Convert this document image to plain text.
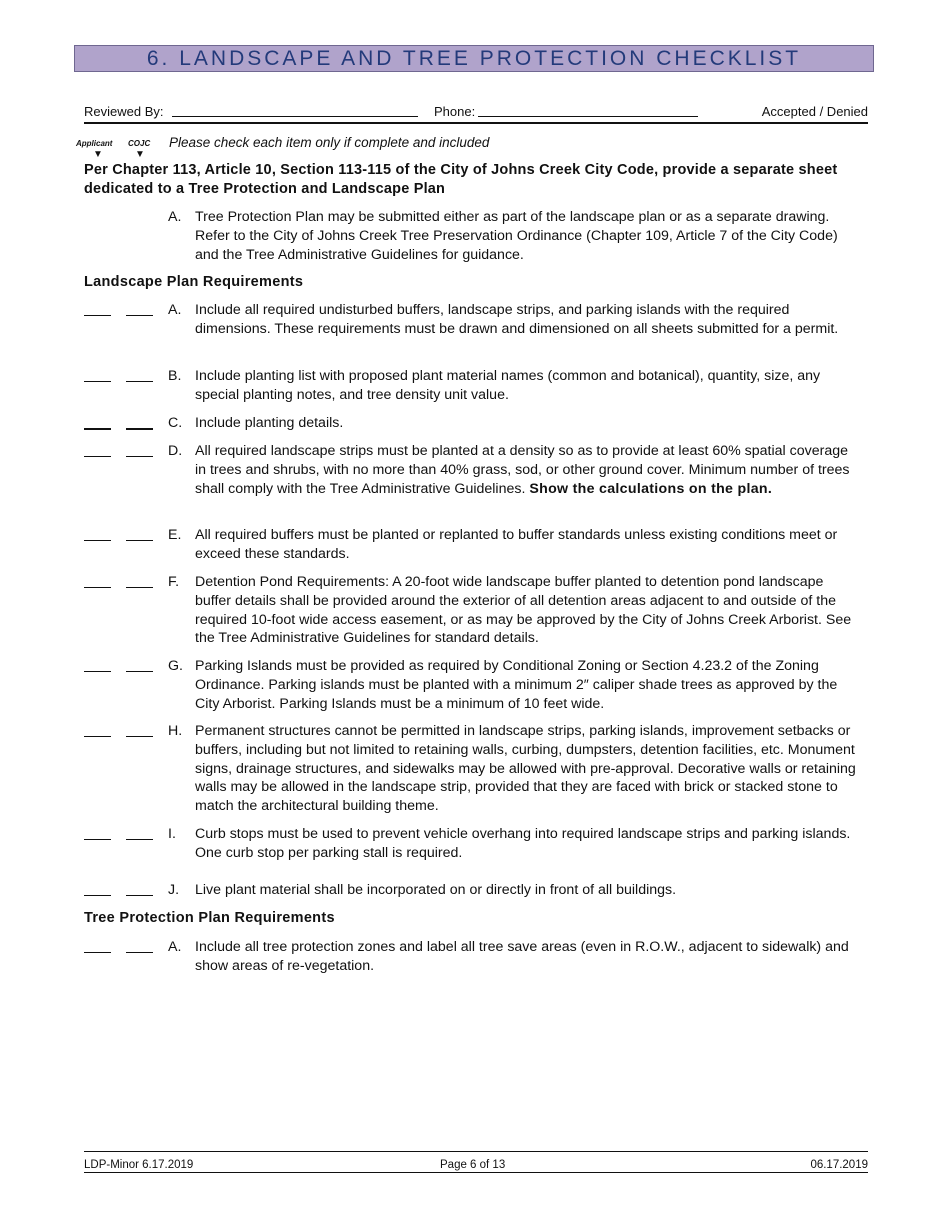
6. LANDSCAPE AND TREE PROTECTION CHECKLIST
Reviewed By:	Phone:	Accepted / Denied
Applicant COJC
▼	▼
Please check each item only if complete and included
Per Chapter 113, Article 10, Section 113-115 of the City of Johns Creek City Code, provide a separate sheet dedicated to a Tree Protection and Landscape Plan
A. Tree Protection Plan may be submitted either as part of the landscape plan or as a separate drawing. Refer to the City of Johns Creek Tree Preservation Ordinance (Chapter 109, Article 7 of the City Code) and the Tree Administrative Guidelines for guidance.
Landscape Plan Requirements
A. Include all required undisturbed buffers, landscape strips, and parking islands with the required dimensions. These requirements must be drawn and dimensioned on all sheets submitted for a permit.
B. Include planting list with proposed plant material names (common and botanical), quantity, size, any special planting notes, and tree density unit value.
C. Include planting details.
D. All required landscape strips must be planted at a density so as to provide at least 60% spatial coverage in trees and shrubs, with no more than 40% grass, sod, or other ground cover. Minimum number of trees shall comply with the Tree Administrative Guidelines. Show the calculations on the plan.
E. All required buffers must be planted or replanted to buffer standards unless existing conditions meet or exceed these standards.
F. Detention Pond Requirements: A 20-foot wide landscape buffer planted to detention pond landscape buffer details shall be provided around the exterior of all detention areas adjacent to and outside of the required 10-foot wide access easement, or as may be approved by the City of Johns Creek Arborist. See the Tree Administrative Guidelines for standard details.
G. Parking Islands must be provided as required by Conditional Zoning or Section 4.23.2 of the Zoning Ordinance. Parking islands must be planted with a minimum 2″ caliper shade trees as approved by the City Arborist. Parking Islands must be a minimum of 10 feet wide.
H. Permanent structures cannot be permitted in landscape strips, parking islands, improvement setbacks or buffers, including but not limited to retaining walls, curbing, dumpsters, detention facilities, etc. Monument signs, drainage structures, and sidewalks may be allowed with pre-approval. Decorative walls or retaining walls may be allowed in the landscape strip, provided that they are faced with brick or stacked stone to match the architectural building theme.
I. Curb stops must be used to prevent vehicle overhang into required landscape strips and parking islands. One curb stop per parking stall is required.
J. Live plant material shall be incorporated on or directly in front of all buildings.
Tree Protection Plan Requirements
A. Include all tree protection zones and label all tree save areas (even in R.O.W., adjacent to sidewalk) and show areas of re-vegetation.
LDP-Minor 6.17.2019	Page 6 of 13	06.17.2019
